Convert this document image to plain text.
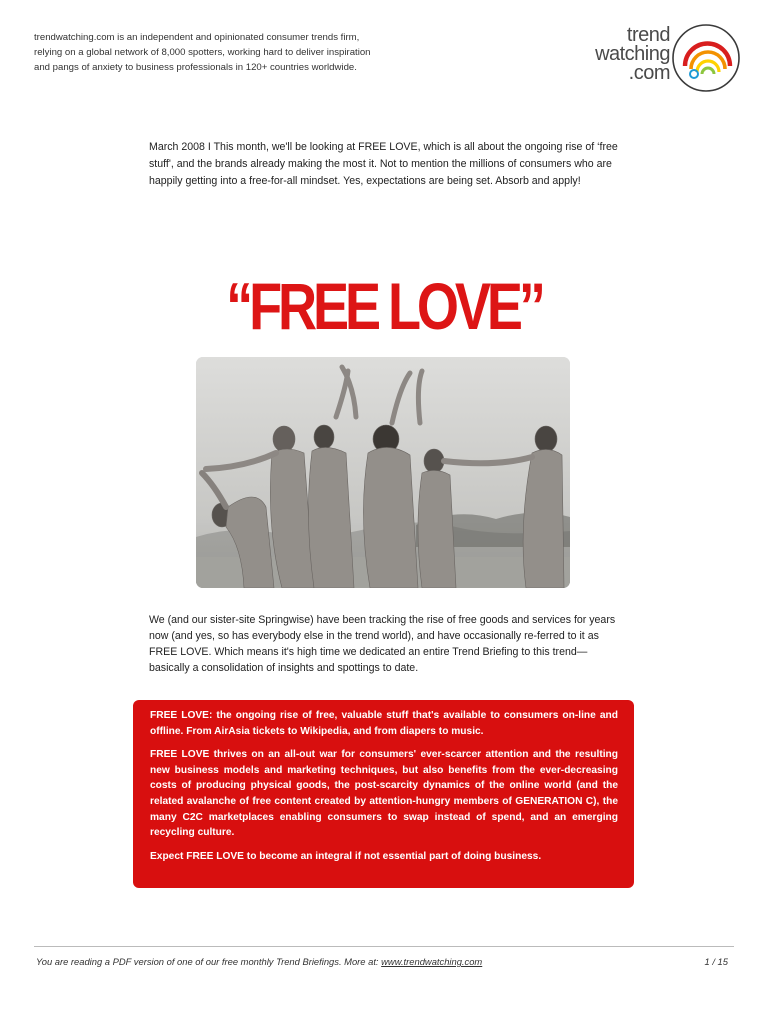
trendwatching.com is an independent and opinionated consumer trends firm,
relying on a global network of 8,000 spotters, working hard to deliver inspiration
and pangs of anxiety to business professionals in 120+ countries worldwide.
trend
watching
.com
March 2008 I This month, we'll be looking at FREE LOVE, which is all about the ongoing rise of ‘free stuff', and the brands already making the most it. Not to mention the millions of consumers who are happily getting into a free-for-all mindset. Yes, expectations are being set. Absorb and apply!
“FREE LOVE”
We (and our sister-site Springwise) have been tracking the rise of free goods and services for years now (and yes, so has everybody else in the trend world), and have occasionally re-ferred to it as FREE LOVE. Which means it's high time we dedicated an entire Trend Briefing to this trend—basically a consolidation of insights and spottings to date.

FREE LOVE: the ongoing rise of free, valuable stuff that's available to consumers on-line and offline. From AirAsia tickets to Wikipedia, and from diapers to music.

FREE LOVE thrives on an all-out war for consumers' ever-scarcer attention and the resulting new business models and marketing techniques, but also benefits from the ever-decreasing costs of producing physical goods, the post-scarcity dynamics of the online world (and the related avalanche of free content created by attention-hungry members of GENERATION C), the many C2C marketplaces enabling consumers to swap instead of spend, and an emerging recycling culture.

Expect FREE LOVE to become an integral if not essential part of doing business.

You are reading a PDF version of one of our free monthly Trend Briefings. More at: www.trendwatching.com	1 / 15
